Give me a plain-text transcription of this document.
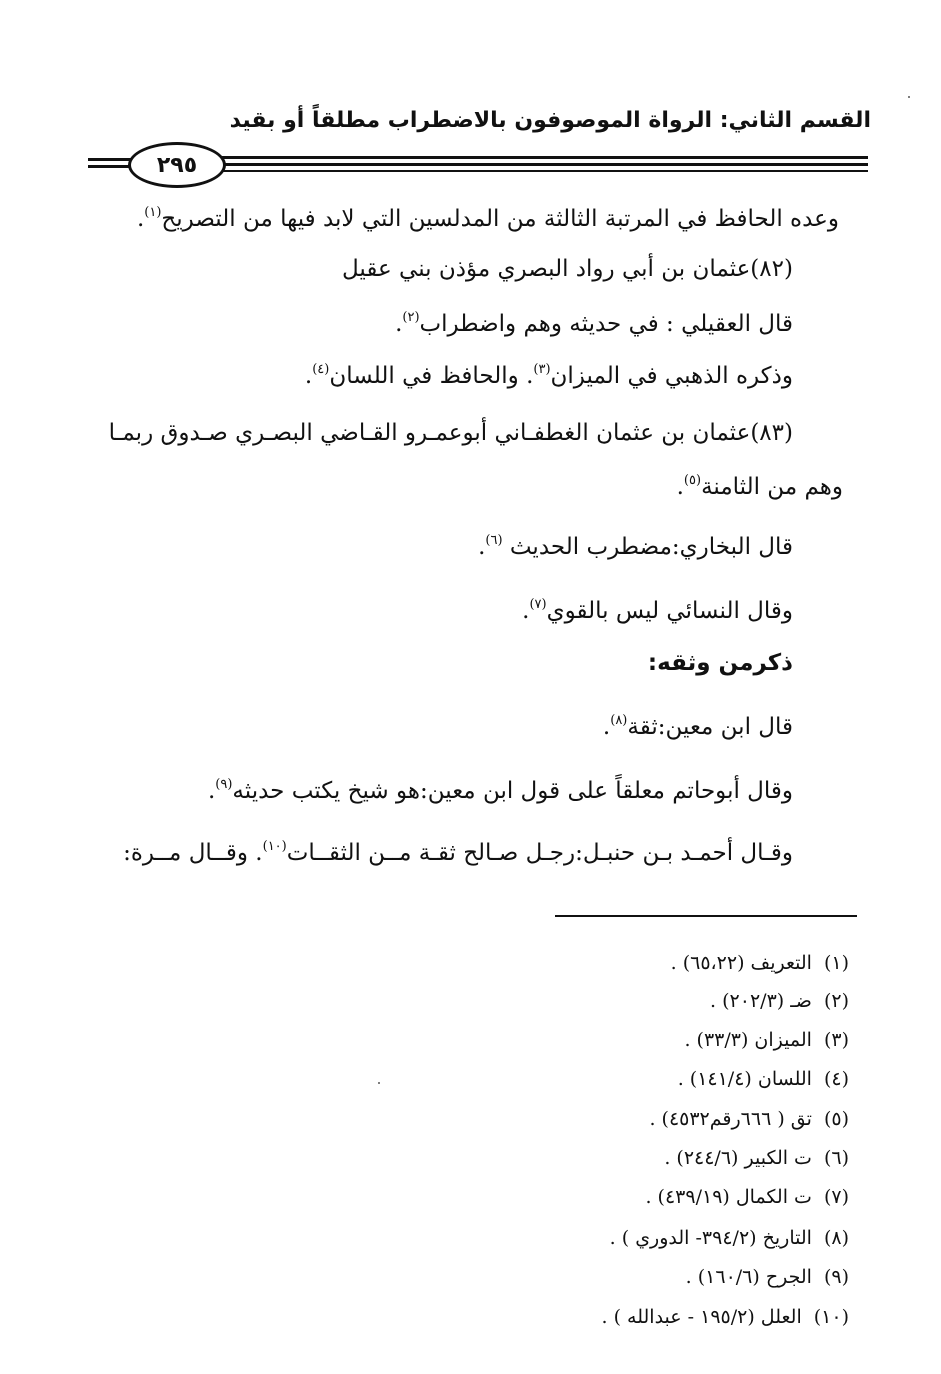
القسم الثاني: الرواة الموصوفون بالاضطراب مطلقاً أو بقيد
٢٩٥
وعده الحافظ في المرتبة الثالثة من المدلسين التي لابد فيها من التصريح$^{(١)}$.
(٨٢)عثمان بن أبي رواد البصري مؤذن بني عقيل
قال العقيلي : في حديثه وهم واضطراب$^{(٢)}$.
وذكره الذهبي في الميزان$^{(٣)}$. والحافظ في اللسان$^{(٤)}$.
(٨٣)عثمان بن عثمان الغطفـاني أبوعمـرو القـاضي البصـري صـدوق ربمـا
وهم من الثامنة$^{(٥)}$.
قال البخاري:مضطرب الحديث $^{(٦)}$.
وقال النسائي ليس بالقوي$^{(٧)}$.
ذكرمن وثقه:
قال ابن معين:ثقة$^{(٨)}$.
وقال أبوحاتم معلقاً على قول ابن معين:هو شيخ يكتب حديثه$^{(٩)}$.
وقـال أحمـد بـن حنبـل:رجـل صـالح ثقـة مــن الثقــات$^{(١٠)}$. وقــال مــرة:
(١)التعريف (٦٥،٢٢) .
(٢)ضـ (٢٠٢/٣) .
(٣)الميزان (٣٣/٣) .
(٤)اللسان (١٤١/٤) .
(٥)تق ( ٦٦٦رقم٤٥٣٢) .
(٦)ت الكبير (٢٤٤/٦) .
(٧)ت الكمال (٤٣٩/١٩) .
(٨)التاريخ (٣٩٤/٢- الدوري ) .
(٩)الجرح (١٦٠/٦) .
(١٠)العلل (١٩٥/٢ - عبدالله ) .
